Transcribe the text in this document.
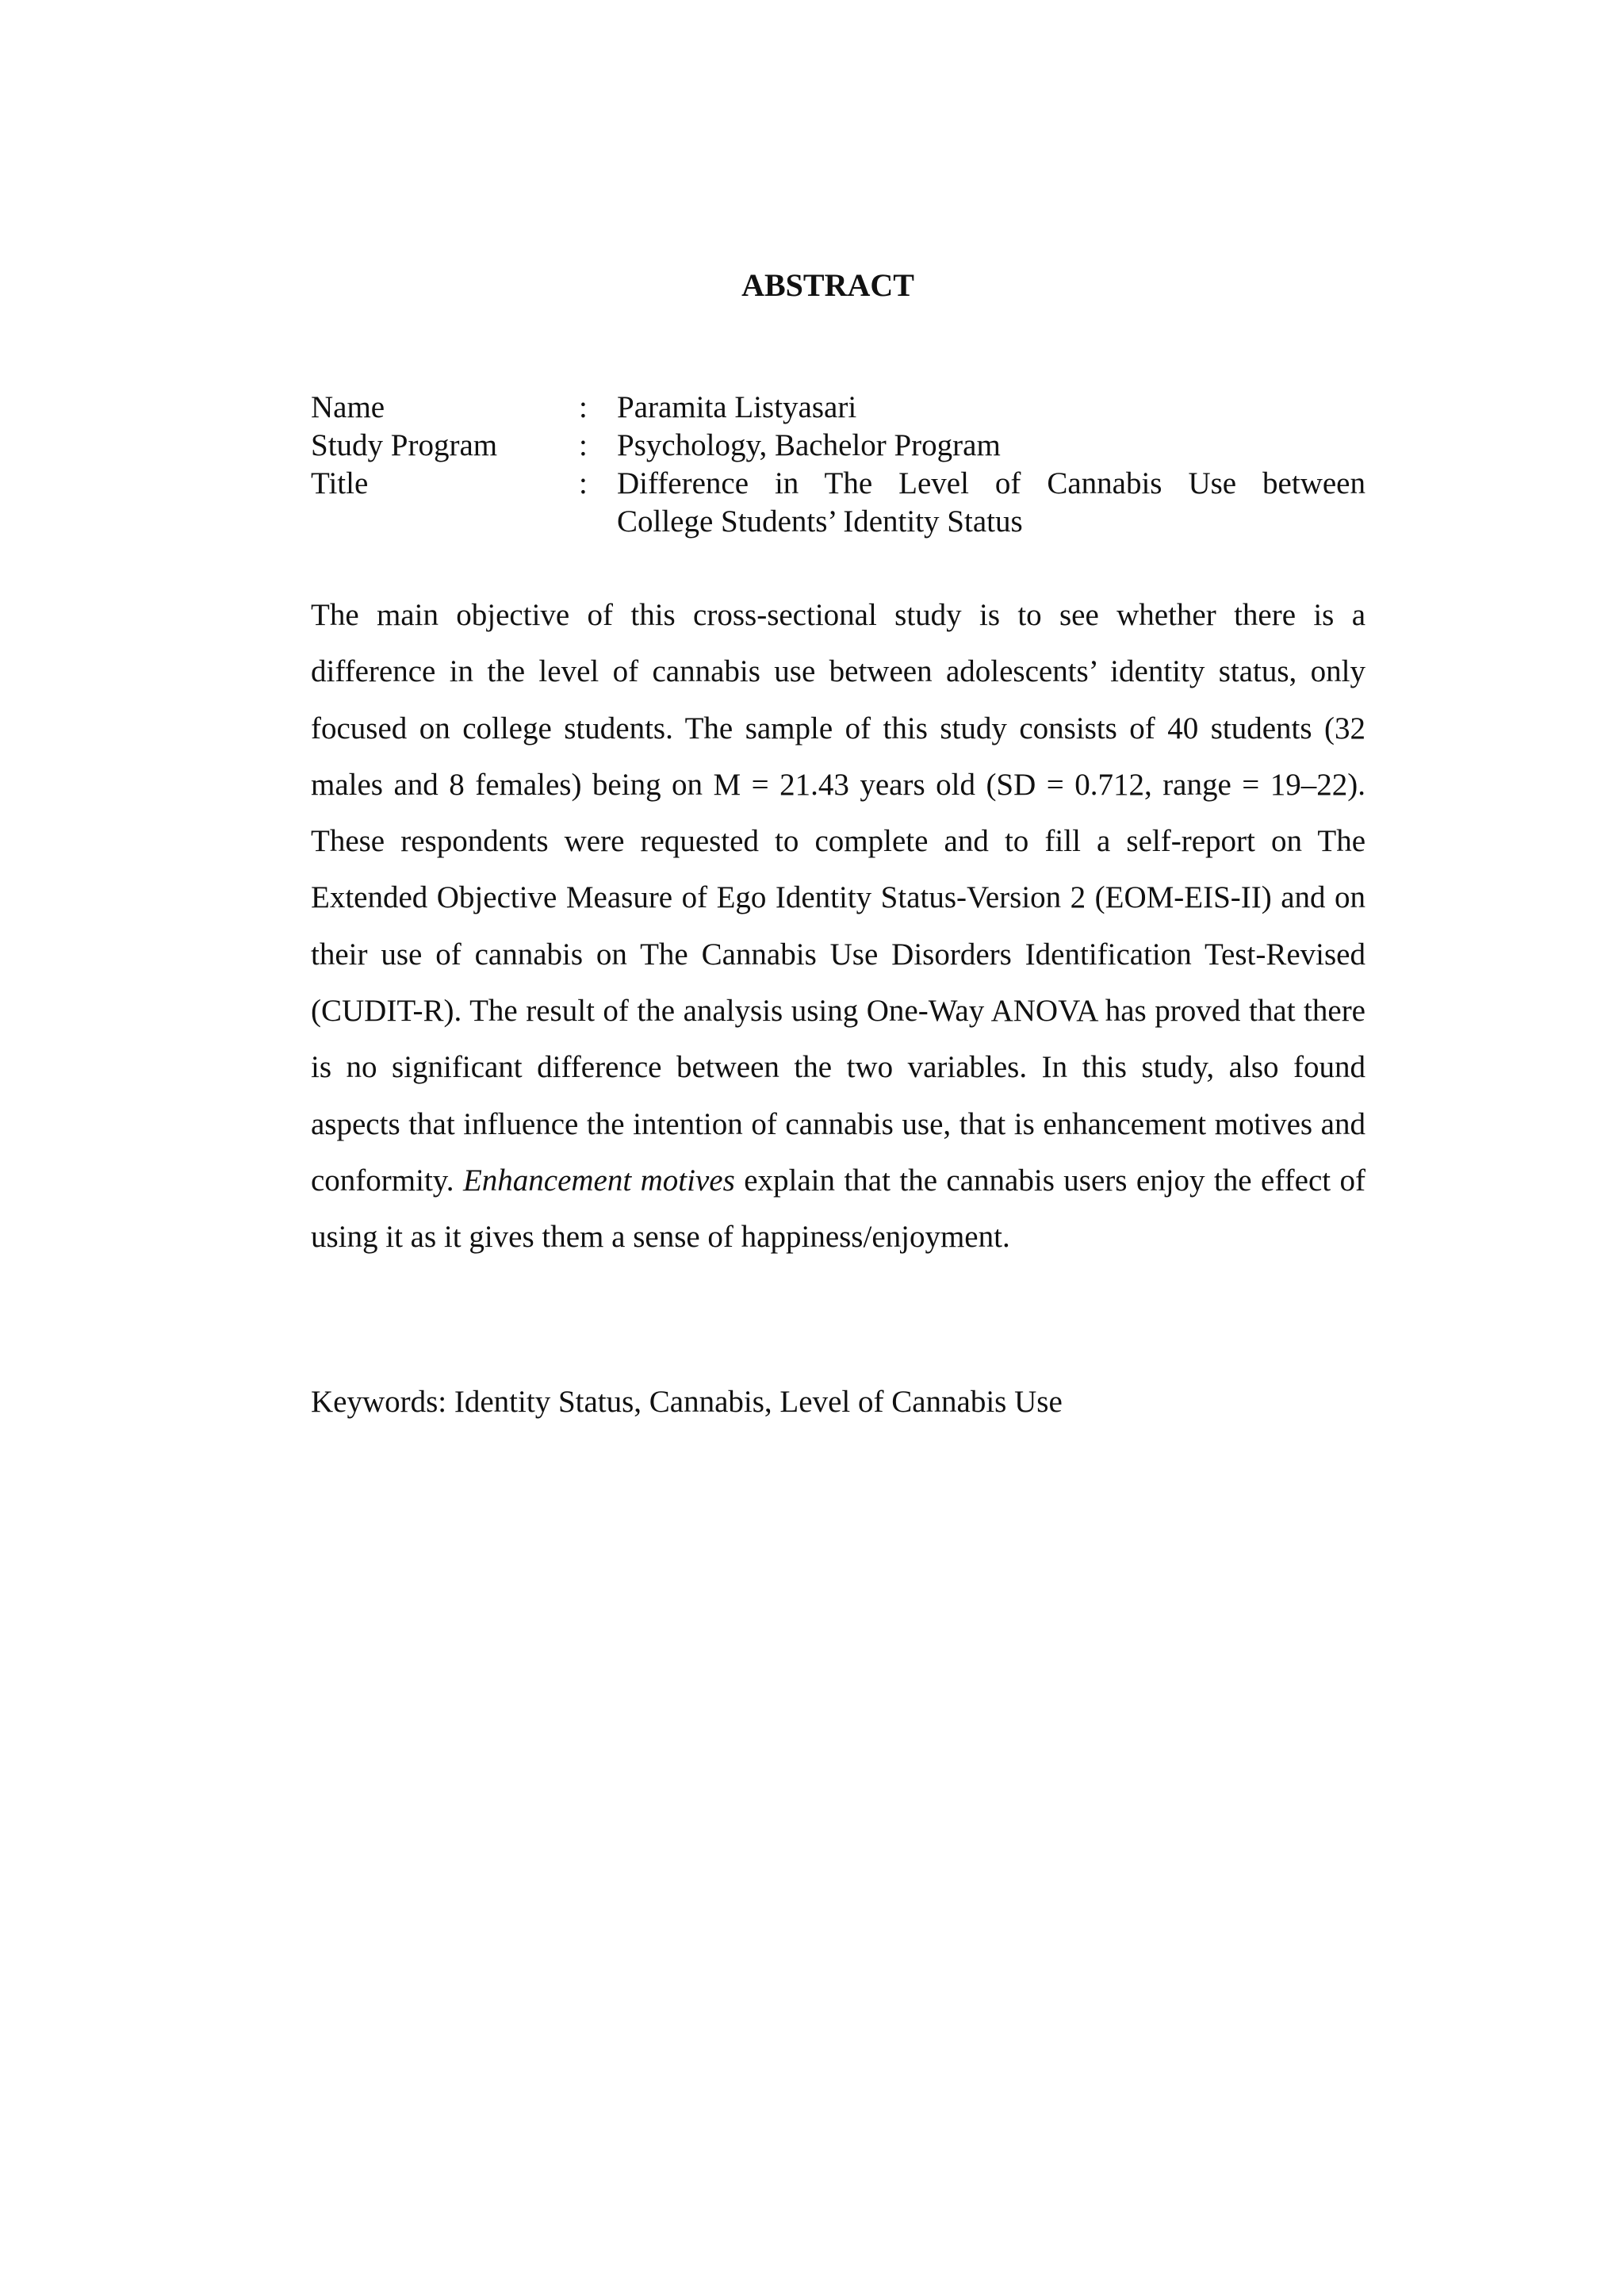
ABSTRACT
Name	: Paramita Listyasari
Study Program	: Psychology, Bachelor Program
Title	: Difference in The Level of Cannabis Use between
College Students’ Identity Status

The main objective of this cross-sectional study is to see whether there is a difference in the level of cannabis use between adolescents’ identity status, only focused on college students. The sample of this study consists of 40 students (32 males and 8 females) being on M = 21.43 years old (SD = 0.712, range = 19–22). These respondents were requested to complete and to fill a self-report on The Extended Objective Measure of Ego Identity Status-Version 2 (EOM-EIS-II) and on their use of cannabis on The Cannabis Use Disorders Identification Test-Revised (CUDIT-R). The result of the analysis using One-Way ANOVA has proved that there is no significant difference between the two variables. In this study, also found aspects that influence the intention of cannabis use, that is enhancement motives and conformity. Enhancement motives explain that the cannabis users enjoy the effect of using it as it gives them a sense of happiness/enjoyment.

Keywords: Identity Status, Cannabis, Level of Cannabis Use
